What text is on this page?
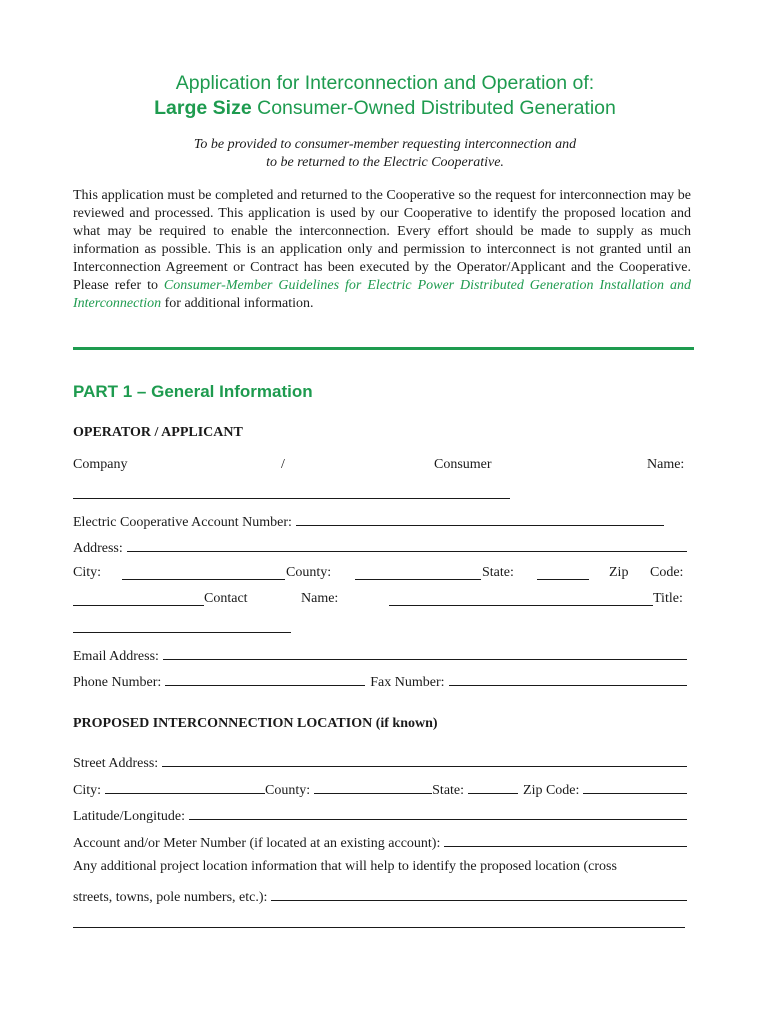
Application for Interconnection and Operation of:
Large Size Consumer-Owned Distributed Generation
To be provided to consumer-member requesting interconnection and
to be returned to the Electric Cooperative.
This application must be completed and returned to the Cooperative so the request for interconnection may be reviewed and processed. This application is used by our Cooperative to identify the proposed location and what may be required to enable the interconnection. Every effort should be made to supply as much information as possible. This is an application only and permission to interconnect is not granted until an Interconnection Agreement or Contract has been executed by the Operator/Applicant and the Cooperative. Please refer to Consumer-Member Guidelines for Electric Power Distributed Generation Installation and Interconnection for additional information.
PART 1 – General Information
OPERATOR / APPLICANT
Company	/	Consumer	Name:
Electric Cooperative Account Number:
Address:
City:	County:	State:	Zip Code:
Contact	Name:	Title:
Email Address:
Phone Number:	Fax Number:
PROPOSED INTERCONNECTION LOCATION (if known)
Street Address:
City:	County:	State:	Zip Code:
Latitude/Longitude:
Account and/or Meter Number (if located at an existing account):
Any additional project location information that will help to identify the proposed location (cross
streets, towns, pole numbers, etc.):
